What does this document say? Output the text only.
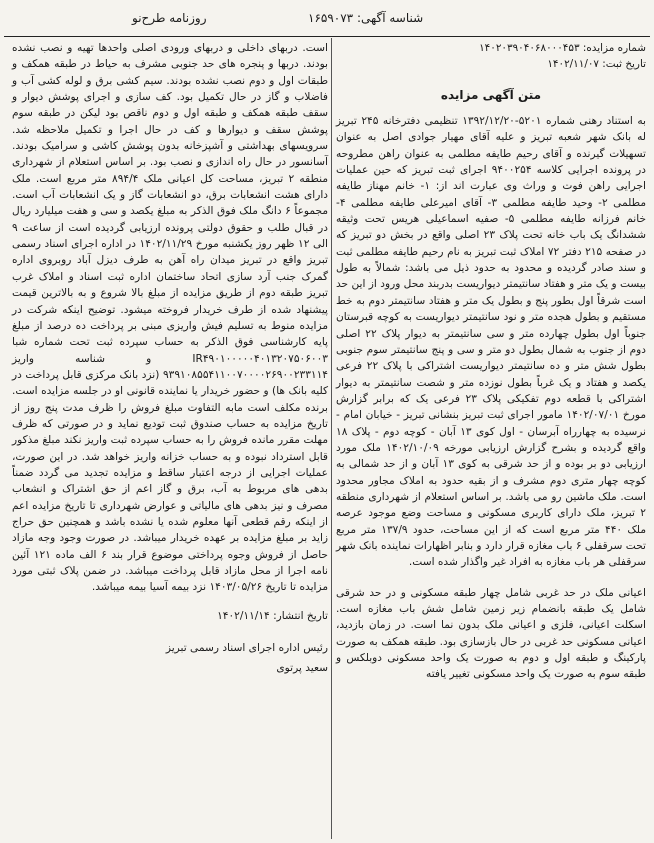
شناسه آگهی: ۱۶۵۹۰۷۳
روزنامه طرح‌نو
شماره مزایده: ۱۴۰۲۰۳۹۰۴۰۶۸۰۰۰۴۵۳
تاریخ ثبت: ۱۴۰۲/۱۱/۰۷
متن آگهی مزایده

به استناد رهنی شماره ۵۲۰۱-۱۳۹۲/۱۲/۲۰ تنظیمی دفترخانه ۲۴۵ تبریز له بانک شهر شعبه تبریز و علیه آقای مهیار جوادی اصل به عنوان تسهیلات گیرنده و آقای رحیم طایفه مطلمی به عنوان راهن مطروحه در پرونده اجرایی کلاسه ۹۴۰۰۲۵۴ اجرای ثبت تبریز که حین عملیات اجرایی راهن فوت و وراث وی عبارت اند از: ۱- خانم مهناز طایفه مطلمی ۲- وحید طایفه مطلمی ۳- آقای امیرعلی طایفه مطلمی ۴- خانم فرزانه طایفه مطلمی ۵- صفیه اسماعیلی هریس تحت وثیقه ششدانگ یک باب خانه تحت پلاک ۲۳ اصلی واقع در بخش دو تبریز که در صفحه ۲۱۵ دفتر ۷۲ املاک ثبت تبریز به نام رحیم طایفه مطلمی ثبت و سند صادر گردیده و محدود به حدود ذیل می باشد: شمالاً به طول بیست و یک متر و هفتاد سانتیمتر دیواریست بدربند محل ورود از این حد است شرقاً اول بطور پنج و بطول یک متر و هفتاد سانتیمتر دوم به خط مستقیم و بطول هجده متر و نود سانتیمتر دیواریست به کوچه قبرستان جنوباً اول بطول چهارده متر و سی سانتیمتر به دیوار پلاک ۲۲ اصلی دوم از جنوب به شمال بطول دو متر و سی و پنج سانتیمتر سوم جنوبی بطول شش متر و ده سانتیمتر دیواریست اشتراکی با پلاک ۲۲ فرعی یکصد و هفتاد و یک غرباً بطول نوزده متر و شصت سانتیمتر به دیوار اشتراکی با قطعه دوم تفکیکی پلاک ۲۳ فرعی یک که برابر گزارش مورخ ۱۴۰۲/۰۷/۰۱ مامور اجرای ثبت تبریز بنشانی تبریز - خیابان امام - نرسیده به چهارراه آبرسان - اول کوی ۱۳ آبان - کوچه دوم - پلاک ۱۸ واقع گردیده و بشرح گزارش ارزیابی مورخه ۱۴۰۲/۱۰/۰۹ ملک مورد ارزیابی دو بر بوده و از حد شرقی به کوی ۱۳ آبان و از حد شمالی به کوچه چهار متری دوم مشرف و از بقیه حدود به املاک مجاور محدود است. ملک ماشین رو می باشد. بر اساس استعلام از شهرداری منطقه ۲ تبریز، ملک دارای کاربری مسکونی و مساحت وضع موجود عرصه ملک ۴۴۰ متر مربع است که از این مساحت، حدود ۱۳۷/۹ متر مربع تحت سرقفلی ۶ باب مغازه قرار دارد و بنابر اظهارات نماینده بانک شهر سرقفلی هر باب مغازه به افراد غیر واگذار شده است.

اعیانی ملک در حد غربی شامل چهار طبقه مسکونی و در حد شرقی شامل یک طبقه بانضمام زیر زمین شامل شش باب مغازه است. اسکلت اعیانی، فلزی و اعیانی ملک بدون نما است. در زمان بازدید، اعیانی مسکونی حد غربی در حال بازسازی بود. طبقه همکف به صورت پارکینگ و طبقه اول و دوم به صورت یک واحد مسکونی دوبلکس و طبقه سوم به صورت یک واحد مسکونی تغییر یافته

است. دربهای داخلی و دربهای ورودی اصلی واحدها تهیه و نصب نشده بودند. دربها و پنجره های حد جنوبی مشرف به حیاط در طبقه همکف و طبقات اول و دوم نصب نشده بودند. سیم کشی برق و لوله کشی آب و فاضلاب و گاز در حال تکمیل بود. کف سازی و اجرای پوشش دیوار و سقف طبقه همکف و طبقه اول و دوم ناقص بود لیکن در طبقه سوم پوشش سقف و دیوارها و کف در حال اجرا و تکمیل ملاحظه شد. سرویسهای بهداشتی و آشپزخانه بدون پوشش کاشی و سرامیک بودند. آسانسور در حال راه اندازی و نصب بود. بر اساس استعلام از شهرداری منطقه ۲ تبریز، مساحت کل اعیانی ملک ۸۹۴/۴ متر مربع است. ملک دارای هشت انشعابات برق، دو انشعابات گاز و یک انشعابات آب است. مجموعاً ۶ دانگ ملک فوق الذکر به مبلغ یکصد و سی و هفت میلیارد ریال در قبال طلب و حقوق دولتی پرونده ارزیابی گردیده است از ساعت ۹ الی ۱۲ ظهر روز یکشنبه مورخ ۱۴۰۲/۱۱/۲۹ در اداره اجرای اسناد رسمی تبریز واقع در تبریز میدان راه آهن به طرف دیزل آباد روبروی اداره گمرک جنب آرد سازی اتحاد ساختمان اداره ثبت اسناد و املاک غرب تبریز طبقه دوم از طریق مزایده از مبلغ بالا شروع و به بالاترین قیمت پیشنهاد شده از طرف خریدار فروخته میشود. توضیح اینکه شرکت در مزایده منوط به تسلیم فیش واریزی مبنی بر پرداخت ده درصد از مبلغ پایه کارشناسی فوق الذکر به حساب سپرده ثبت تحت شماره شبا IR۴۹۰۱۰۰۰۰۰۴۰۱۳۲۰۷۵۰۶۰۰۳ و شناسه واریز ۹۳۹۱۰۸۵۵۴۱۱۰۰۷۰۰۰۰۲۶۹۰۰۲۳۳۱۱۴ (نزد بانک مرکزی قابل پرداخت در کلیه بانک ها) و حضور خریدار یا نماینده قانونی او در جلسه مزایده است. برنده مکلف است مابه التفاوت مبلغ فروش را ظرف مدت پنج روز از تاریخ مزایده به حساب صندوق ثبت تودیع نماید و در صورتی که ظرف مهلت مقرر مانده فروش را به حساب سپرده ثبت واریز نکند مبلغ مذکور قابل استرداد نبوده و به حساب خزانه واریز خواهد شد. در این صورت، عملیات اجرایی از درجه اعتبار ساقط و مزایده تجدید می گردد ضمناً بدهی های مربوط به آب، برق و گاز اعم از حق اشتراک و انشعاب مصرف و نیز بدهی های مالیاتی و عوارض شهرداری تا تاریخ مزایده اعم از اینکه رقم قطعی آنها معلوم شده یا نشده باشد و همچنین حق حراج زاید بر مبلغ مزایده بر عهده خریدار میباشد. در صورت وجود وجه مازاد حاصل از فروش وجوه پرداختی موضوع قرار بند ۶ الف ماده ۱۲۱ آئین نامه اجرا از محل مازاد قابل پرداخت میباشد. در ضمن پلاک ثبتی مورد مزایده تا تاریخ ۱۴۰۳/۰۵/۲۶ نزد بیمه آسیا بیمه میباشد.

تاریخ انتشار: ۱۴۰۲/۱۱/۱۴
رئیس اداره اجرای اسناد رسمی تبریز
سعید پرتوی
